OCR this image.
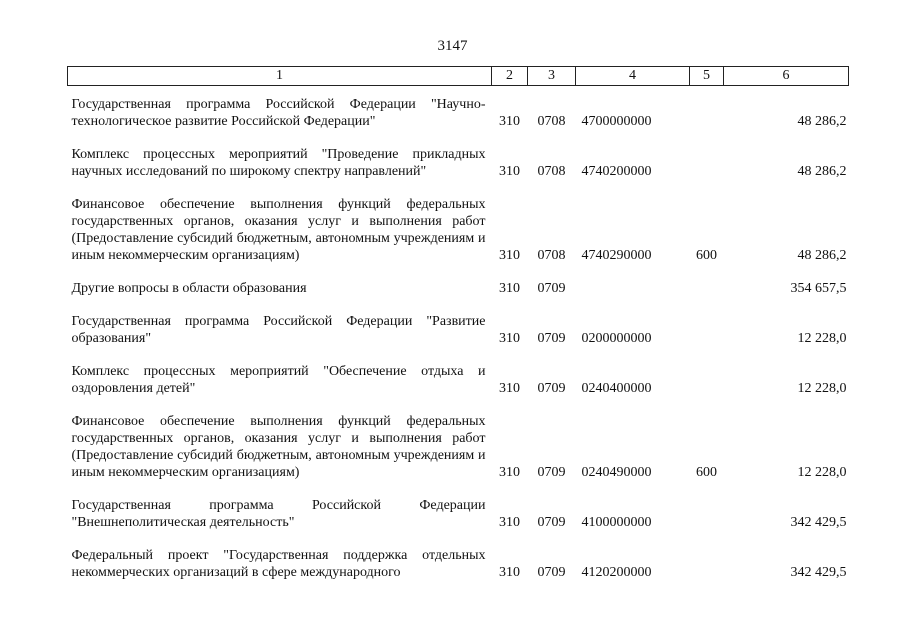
3147
1	2	3	4	5	6
Государственная программа Российской Федерации "Научно-технологическое развитие Российской Федерации"	310	0708	4700000000		48 286,2
Комплекс процессных мероприятий "Проведение прикладных научных исследований по широкому спектру направлений"	310	0708	4740200000		48 286,2
Финансовое обеспечение выполнения функций федеральных государственных органов, оказания услуг и выполнения работ (Предоставление субсидий бюджетным, автономным учреждениям и иным некоммерческим организациям)	310	0708	4740290000	600	48 286,2
Другие вопросы в области образования	310	0709			354 657,5
Государственная программа Российской Федерации "Развитие образования"	310	0709	0200000000		12 228,0
Комплекс процессных мероприятий "Обеспечение отдыха и оздоровления детей"	310	0709	0240400000		12 228,0
Финансовое обеспечение выполнения функций федеральных государственных органов, оказания услуг и выполнения работ (Предоставление субсидий бюджетным, автономным учреждениям и иным некоммерческим организациям)	310	0709	0240490000	600	12 228,0
Государственная программа Российской Федерации "Внешнеполитическая деятельность"	310	0709	4100000000		342 429,5
Федеральный проект "Государственная поддержка отдельных некоммерческих организаций в сфере международного	310	0709	4120200000		342 429,5
